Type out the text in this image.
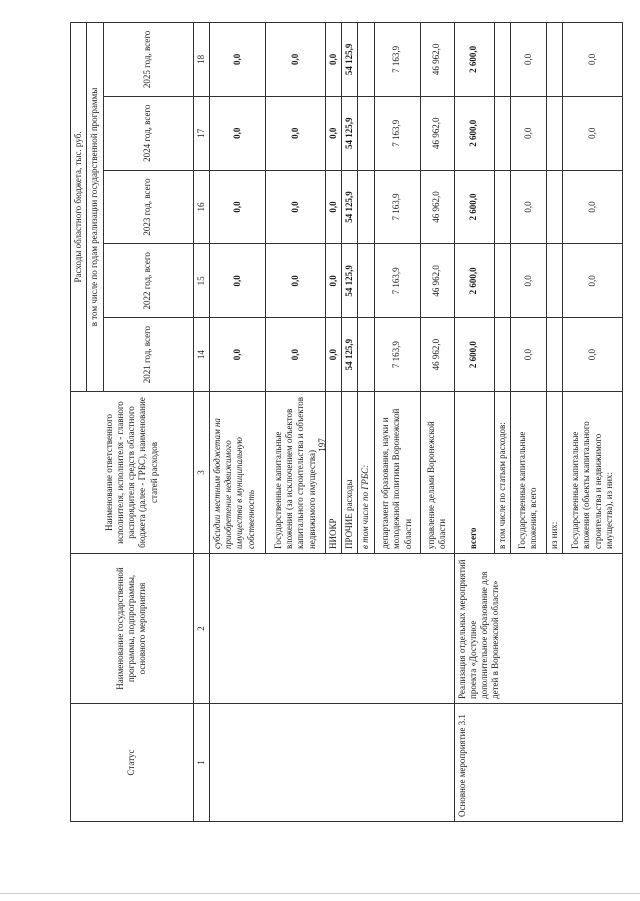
197
Статус	Наименование государственной программы, подпрограммы, основного мероприятия	Наименование ответственного исполнителя, исполнителя - главного распорядителя средств областного бюджета (далее - ГРБС), наименование статей расходов	Расходы областного бюджета, тыс. руб.				
			в том числе по годам реализации государственной программы				
			2021 год, всего	2022 год, всего	2023 год, всего	2024 год, всего	2025 год, всего
1	2	3	14	15	16	17	18
		субсидии местным бюджетам на приобретение недвижимого имущества в муниципальную собственность	0,0	0,0	0,0	0,0	0,0
		Государственные капитальные вложения (за исключением объектов капитального строительства и объектов недвижимого имущества)	0,0	0,0	0,0	0,0	0,0
		НИОКР	0,0	0,0	0,0	0,0	0,0
		ПРОЧИЕ расходы	54 125,9	54 125,9	54 125,9	54 125,9	54 125,9
		в том числе по ГРБС:					
		департамент образования, науки и молодежной политики Воронежской области	7 163,9	7 163,9	7 163,9	7 163,9	7 163,9
		управление делами Воронежской области	46 962,0	46 962,0	46 962,0	46 962,0	46 962,0
Основное мероприятие 3.1	Реализация отдельных мероприятий проекта «Доступное дополнительное образование для детей в Воронежской области»	всего	2 600,0	2 600,0	2 600,0	2 600,0	2 600,0
		в том числе по статьям расходов:					
		Государственные капитальные вложения, всего	0,0	0,0	0,0	0,0	0,0
		из них:					
		Государственные капитальные вложения (объекты капитального строительства и недвижимого имущества), из них:	0,0	0,0	0,0	0,0	0,0
